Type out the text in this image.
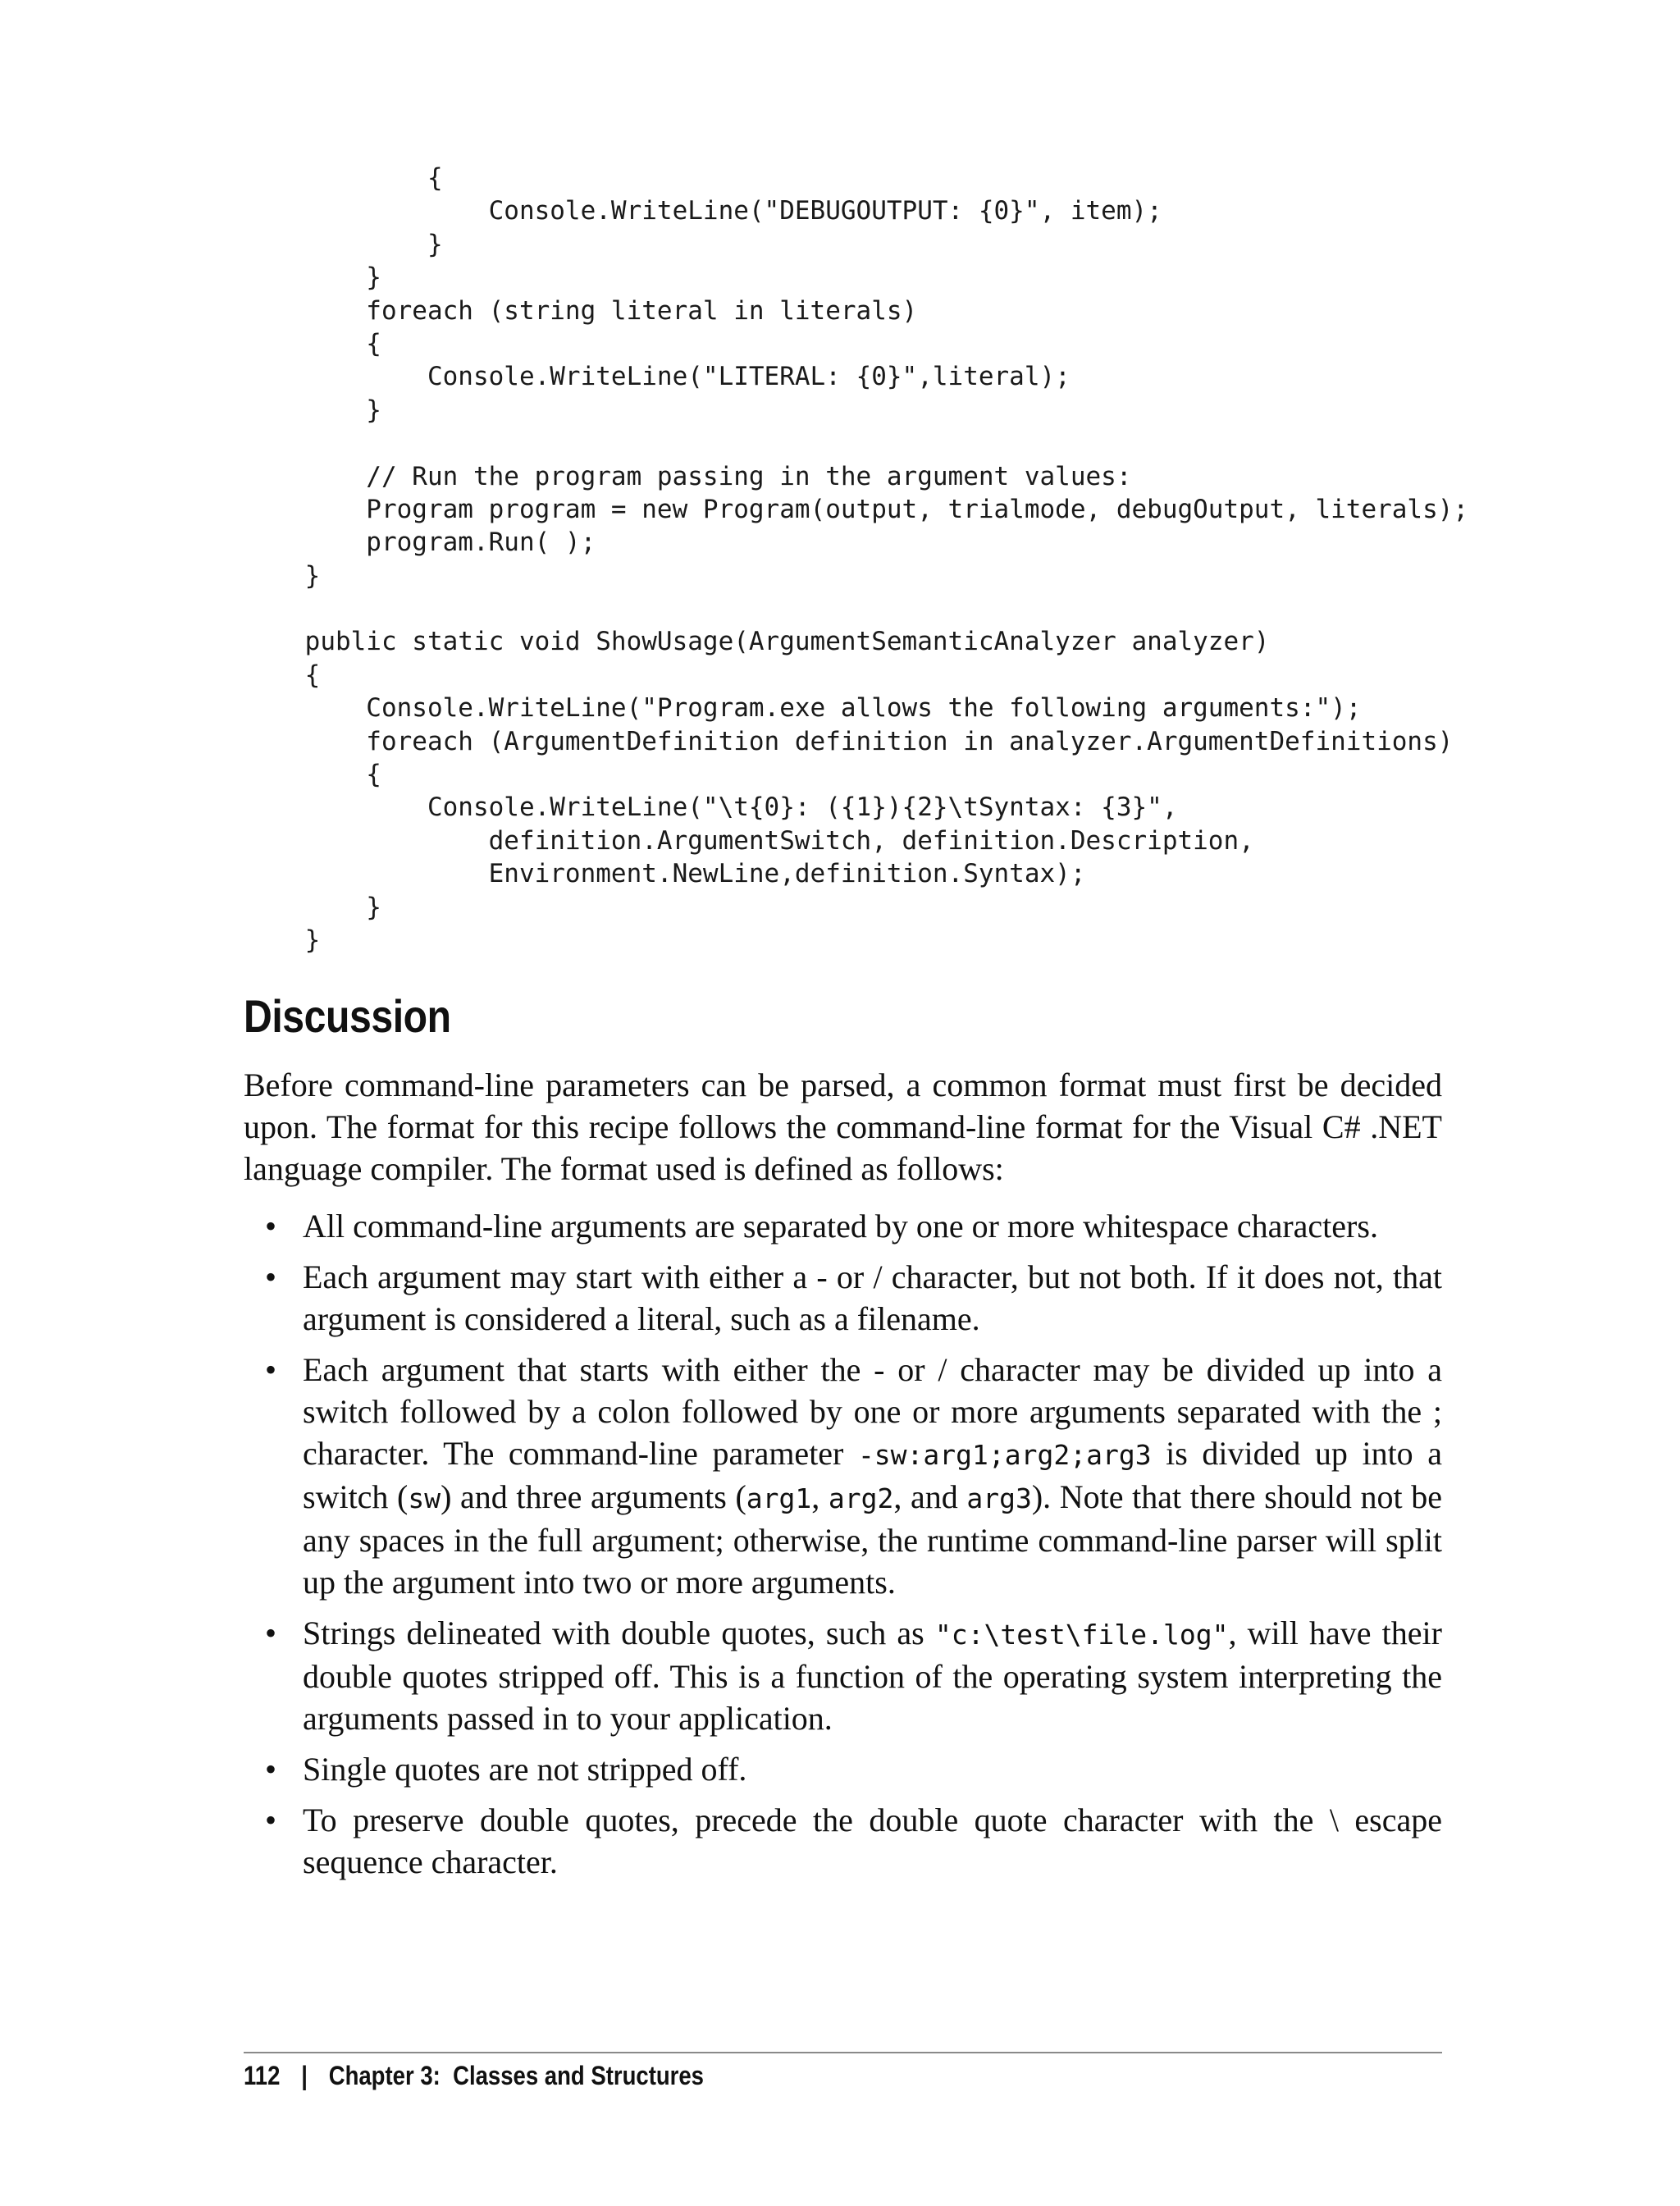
{
Console.WriteLine("DEBUGOUTPUT: {0}", item);
}
}
foreach (string literal in literals)
{
Console.WriteLine("LITERAL: {0}",literal);
}
// Run the program passing in the argument values:
Program program = new Program(output, trialmode, debugOutput, literals);
program.Run( );
}
public static void ShowUsage(ArgumentSemanticAnalyzer analyzer)
{
Console.WriteLine("Program.exe allows the following arguments:");
foreach (ArgumentDefinition definition in analyzer.ArgumentDefinitions)
{
Console.WriteLine("\t{0}: ({1}){2}\tSyntax: {3}",
definition.ArgumentSwitch, definition.Description,
Environment.NewLine,definition.Syntax);
}
}
Discussion

Before command-line parameters can be parsed, a common format must first be decided upon. The format for this recipe follows the command-line format for the Visual C# .NET language compiler. The format used is defined as follows:

• All command-line arguments are separated by one or more whitespace characters.
• Each argument may start with either a - or / character, but not both. If it does not, that argument is considered a literal, such as a filename.
• Each argument that starts with either the - or / character may be divided up into a switch followed by a colon followed by one or more arguments separated with the ; character. The command-line parameter -sw:arg1;arg2;arg3 is divided up into a switch (sw) and three arguments (arg1, arg2, and arg3). Note that there should not be any spaces in the full argument; otherwise, the runtime command-line parser will split up the argument into two or more arguments.
• Strings delineated with double quotes, such as "c:\test\file.log", will have their double quotes stripped off. This is a function of the operating system interpreting the arguments passed in to your application.
• Single quotes are not stripped off.
• To preserve double quotes, precede the double quote character with the \ escape sequence character.
112 | Chapter 3:  Classes and Structures
